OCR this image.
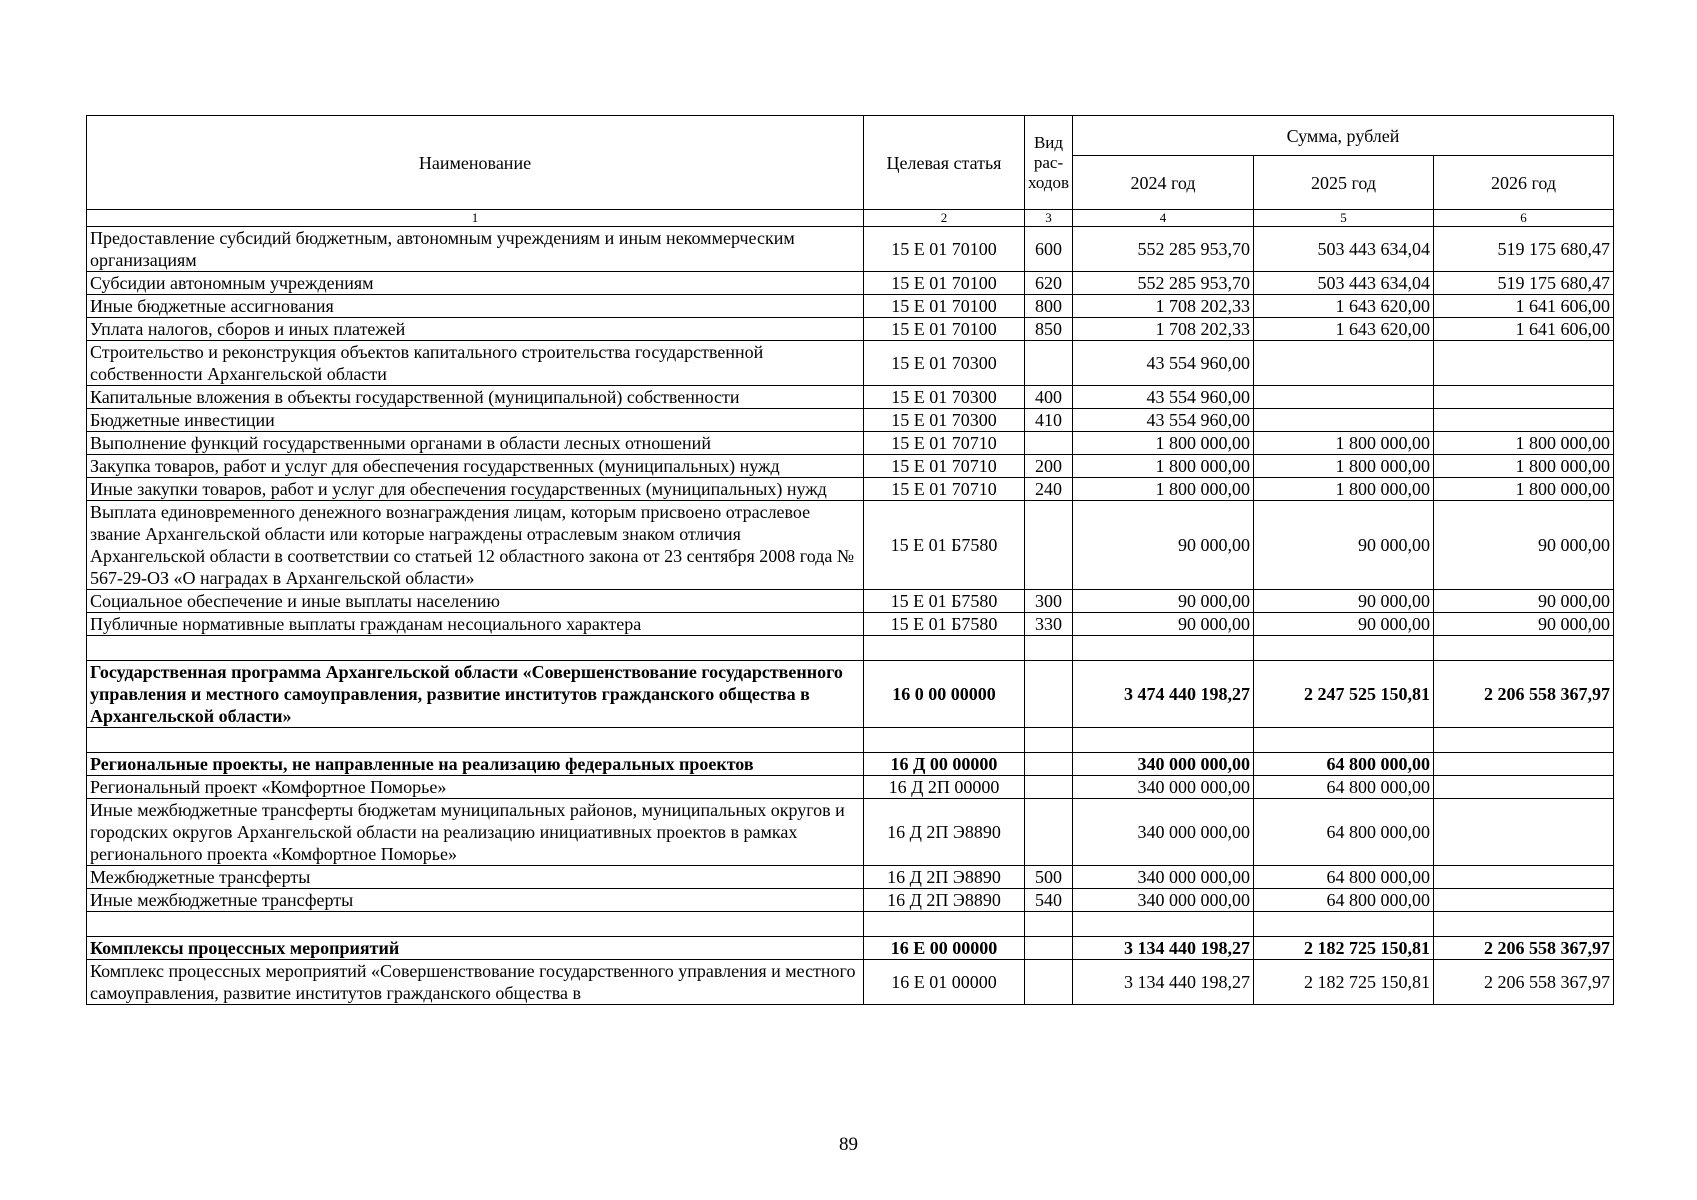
Наименование	Целевая статья	Вид рас-ходов	Сумма, рублей		
			2024 год	2025 год	2026 год
1	2	3	4	5	6
Предоставление субсидий бюджетным, автономным учреждениям и иным некоммерческим организациям	15 Е 01 70100	600	552 285 953,70	503 443 634,04	519 175 680,47
Субсидии автономным учреждениям	15 Е 01 70100	620	552 285 953,70	503 443 634,04	519 175 680,47
Иные бюджетные ассигнования	15 Е 01 70100	800	1 708 202,33	1 643 620,00	1 641 606,00
Уплата налогов, сборов и иных платежей	15 Е 01 70100	850	1 708 202,33	1 643 620,00	1 641 606,00
Строительство и реконструкция объектов капитального строительства государственной собственности Архангельской области	15 Е 01 70300		43 554 960,00		
Капитальные вложения в объекты государственной (муниципальной) собственности	15 Е 01 70300	400	43 554 960,00		
Бюджетные инвестиции	15 Е 01 70300	410	43 554 960,00		
Выполнение функций государственными органами в области лесных отношений	15 Е 01 70710		1 800 000,00	1 800 000,00	1 800 000,00
Закупка товаров, работ и услуг для обеспечения государственных (муниципальных) нужд	15 Е 01 70710	200	1 800 000,00	1 800 000,00	1 800 000,00
Иные закупки товаров, работ и услуг для обеспечения государственных (муниципальных) нужд	15 Е 01 70710	240	1 800 000,00	1 800 000,00	1 800 000,00
Выплата единовременного денежного вознаграждения лицам, которым присвоено отраслевое звание Архангельской области или которые награждены отраслевым знаком отличия Архангельской области в соответствии со статьей 12 областного закона от 23 сентября 2008 года № 567-29-ОЗ «О наградах в Архангельской области»	15 Е 01 Б7580		90 000,00	90 000,00	90 000,00
Социальное обеспечение и иные выплаты населению	15 Е 01 Б7580	300	90 000,00	90 000,00	90 000,00
Публичные нормативные выплаты гражданам несоциального характера	15 Е 01 Б7580	330	90 000,00	90 000,00	90 000,00

Государственная программа Архангельской области «Совершенствование государственного управления и местного самоуправления, развитие институтов гражданского общества в Архангельской области»	16 0 00 00000		3 474 440 198,27	2 247 525 150,81	2 206 558 367,97

Региональные проекты, не направленные на реализацию федеральных проектов	16 Д 00 00000		340 000 000,00	64 800 000,00	
Региональный проект «Комфортное Поморье»	16 Д 2П 00000		340 000 000,00	64 800 000,00	
Иные межбюджетные трансферты бюджетам муниципальных районов, муниципальных округов и городских округов Архангельской области на реализацию инициативных проектов в рамках регионального проекта «Комфортное Поморье»	16 Д 2П Э8890		340 000 000,00	64 800 000,00	
Межбюджетные трансферты	16 Д 2П Э8890	500	340 000 000,00	64 800 000,00	
Иные межбюджетные трансферты	16 Д 2П Э8890	540	340 000 000,00	64 800 000,00	

Комплексы процессных мероприятий	16 Е 00 00000		3 134 440 198,27	2 182 725 150,81	2 206 558 367,97
Комплекс процессных мероприятий «Совершенствование государственного управления и местного самоуправления, развитие институтов гражданского общества в	16 Е 01 00000		3 134 440 198,27	2 182 725 150,81	2 206 558 367,97
89
